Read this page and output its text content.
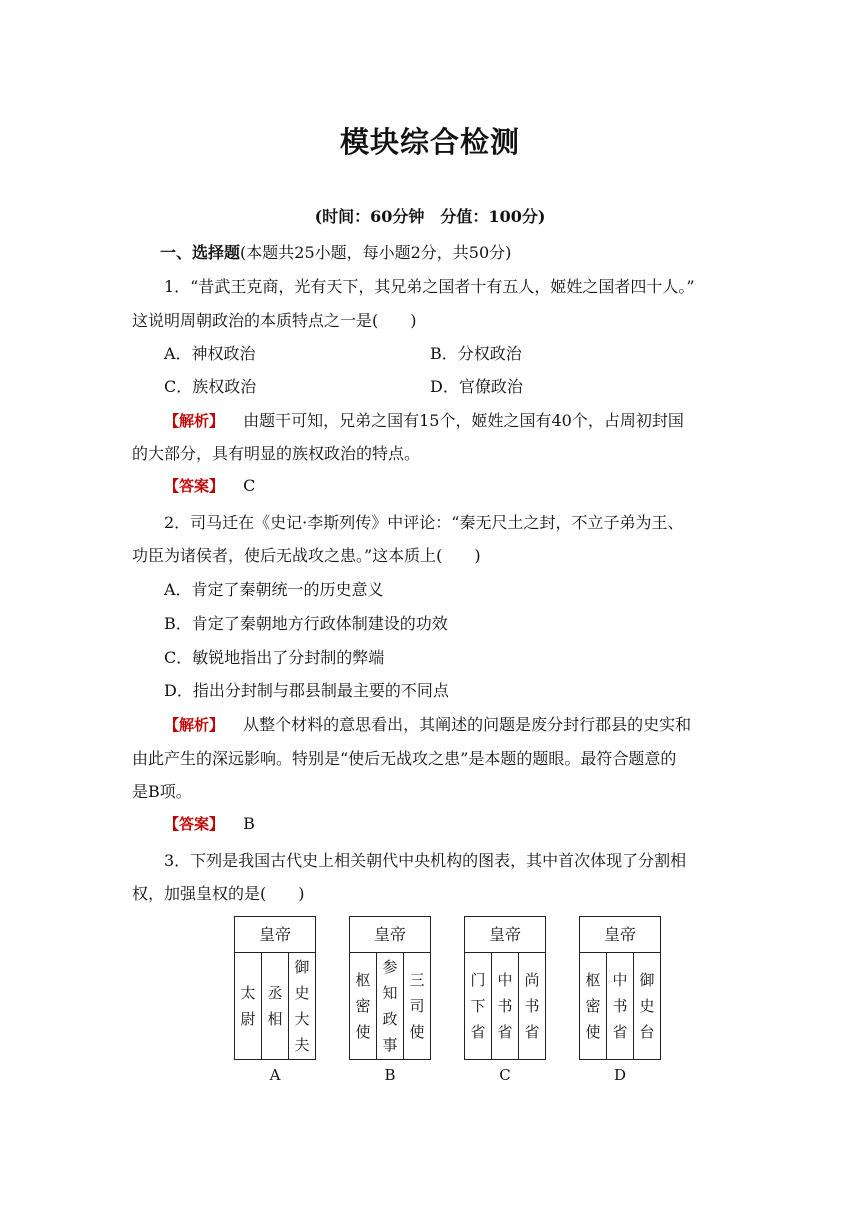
模块综合检测
(时间：60分钟　分值：100分)
一、选择题(本题共25小题，每小题2分，共50分)
1．“昔武王克商，光有天下，其兄弟之国者十有五人，姬姓之国者四十人。”
这说明周朝政治的本质特点之一是(　　)
A．神权政治	B．分权政治
C．族权政治	D．官僚政治
【解析】 由题干可知，兄弟之国有15个，姬姓之国有40个，占周初封国
的大部分，具有明显的族权政治的特点。
【答案】 C
2．司马迁在《史记·李斯列传》中评论：“秦无尺土之封，不立子弟为王、
功臣为诸侯者，使后无战攻之患。”这本质上(　　)
A．肯定了秦朝统一的历史意义
B．肯定了秦朝地方行政体制建设的功效
C．敏锐地指出了分封制的弊端
D．指出分封制与郡县制最主要的不同点
【解析】 从整个材料的意思看出，其阐述的问题是废分封行郡县的史实和
由此产生的深远影响。特别是“使后无战攻之患”是本题的题眼。最符合题意的
是B项。
【答案】 B
3．下列是我国古代史上相关朝代中央机构的图表，其中首次体现了分割相
权，加强皇权的是(　　)
皇帝
太
尉
丞
相
御
史
大
夫
A
皇帝
枢
密
使
参
知
政
事
三
司
使
B
皇帝
门
下
省
中
书
省
尚
书
省
C
皇帝
枢
密
使
中
书
省
御
史
台
D
